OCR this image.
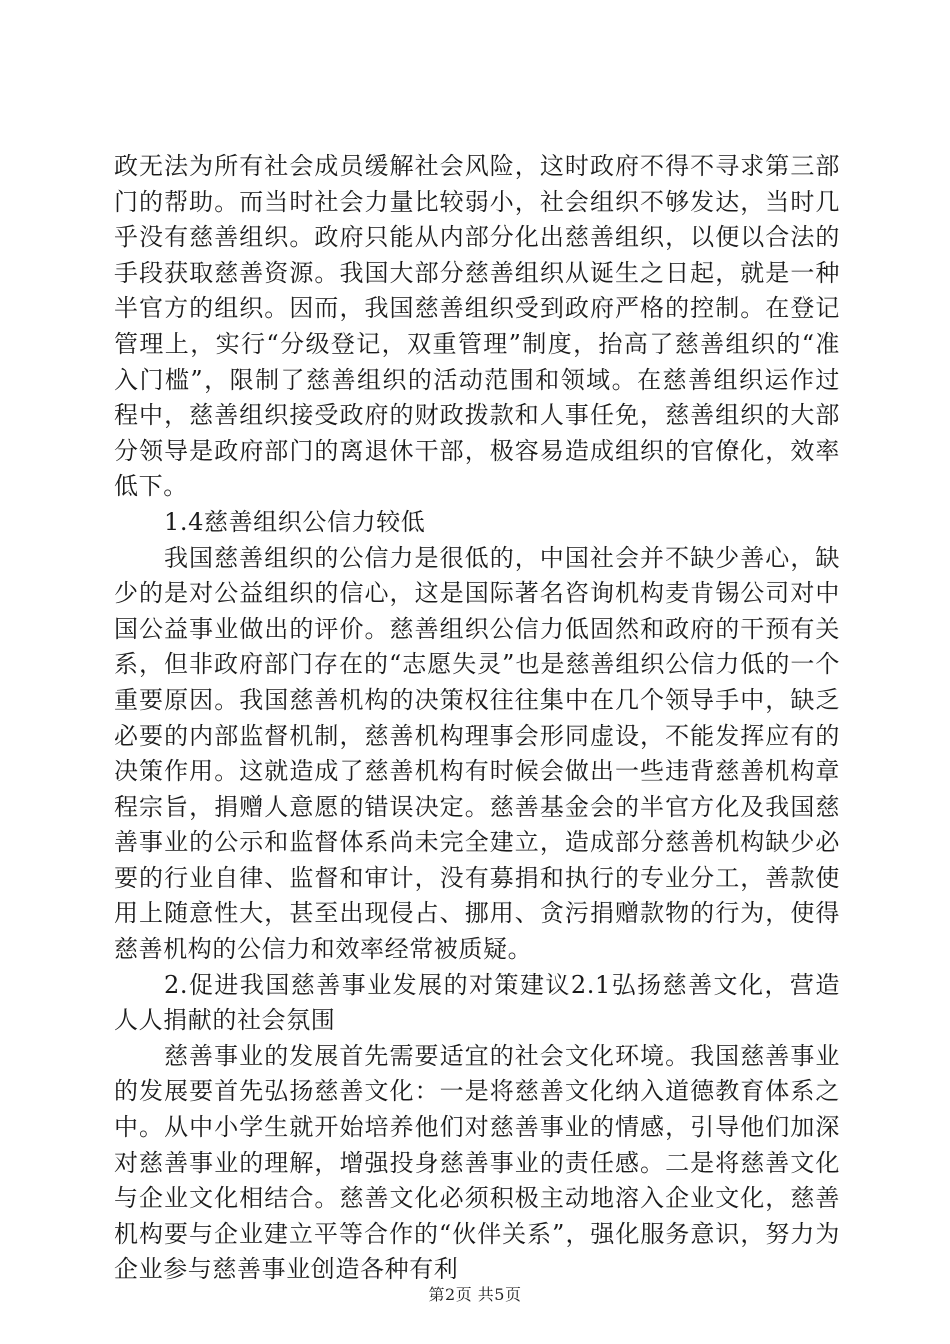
政无法为所有社会成员缓解社会风险，这时政府不得不寻求第三部门的帮助。而当时社会力量比较弱小，社会组织不够发达，当时几乎没有慈善组织。政府只能从内部分化出慈善组织，以便以合法的手段获取慈善资源。我国大部分慈善组织从诞生之日起，就是一种半官方的组织。因而，我国慈善组织受到政府严格的控制。在登记管理上，实行“分级登记，双重管理”制度，抬高了慈善组织的“准入门槛”，限制了慈善组织的活动范围和领域。在慈善组织运作过程中，慈善组织接受政府的财政拨款和人事任免，慈善组织的大部分领导是政府部门的离退休干部，极容易造成组织的官僚化，效率低下。

1.4慈善组织公信力较低

我国慈善组织的公信力是很低的，中国社会并不缺少善心，缺少的是对公益组织的信心，这是国际著名咨询机构麦肯锡公司对中国公益事业做出的评价。慈善组织公信力低固然和政府的干预有关系，但非政府部门存在的“志愿失灵”也是慈善组织公信力低的一个重要原因。我国慈善机构的决策权往往集中在几个领导手中，缺乏必要的内部监督机制，慈善机构理事会形同虚设，不能发挥应有的决策作用。这就造成了慈善机构有时候会做出一些违背慈善机构章程宗旨，捐赠人意愿的错误决定。慈善基金会的半官方化及我国慈善事业的公示和监督体系尚未完全建立，造成部分慈善机构缺少必要的行业自律、监督和审计，没有募捐和执行的专业分工，善款使用上随意性大，甚至出现侵占、挪用、贪污捐赠款物的行为，使得慈善机构的公信力和效率经常被质疑。

2.促进我国慈善事业发展的对策建议2.1弘扬慈善文化，营造人人捐献的社会氛围

慈善事业的发展首先需要适宜的社会文化环境。我国慈善事业的发展要首先弘扬慈善文化：一是将慈善文化纳入道德教育体系之中。从中小学生就开始培养他们对慈善事业的情感，引导他们加深对慈善事业的理解，增强投身慈善事业的责任感。二是将慈善文化与企业文化相结合。慈善文化必须积极主动地溶入企业文化，慈善机构要与企业建立平等合作的“伙伴关系”，强化服务意识，努力为企业参与慈善事业创造各种有利

第2页 共5页
